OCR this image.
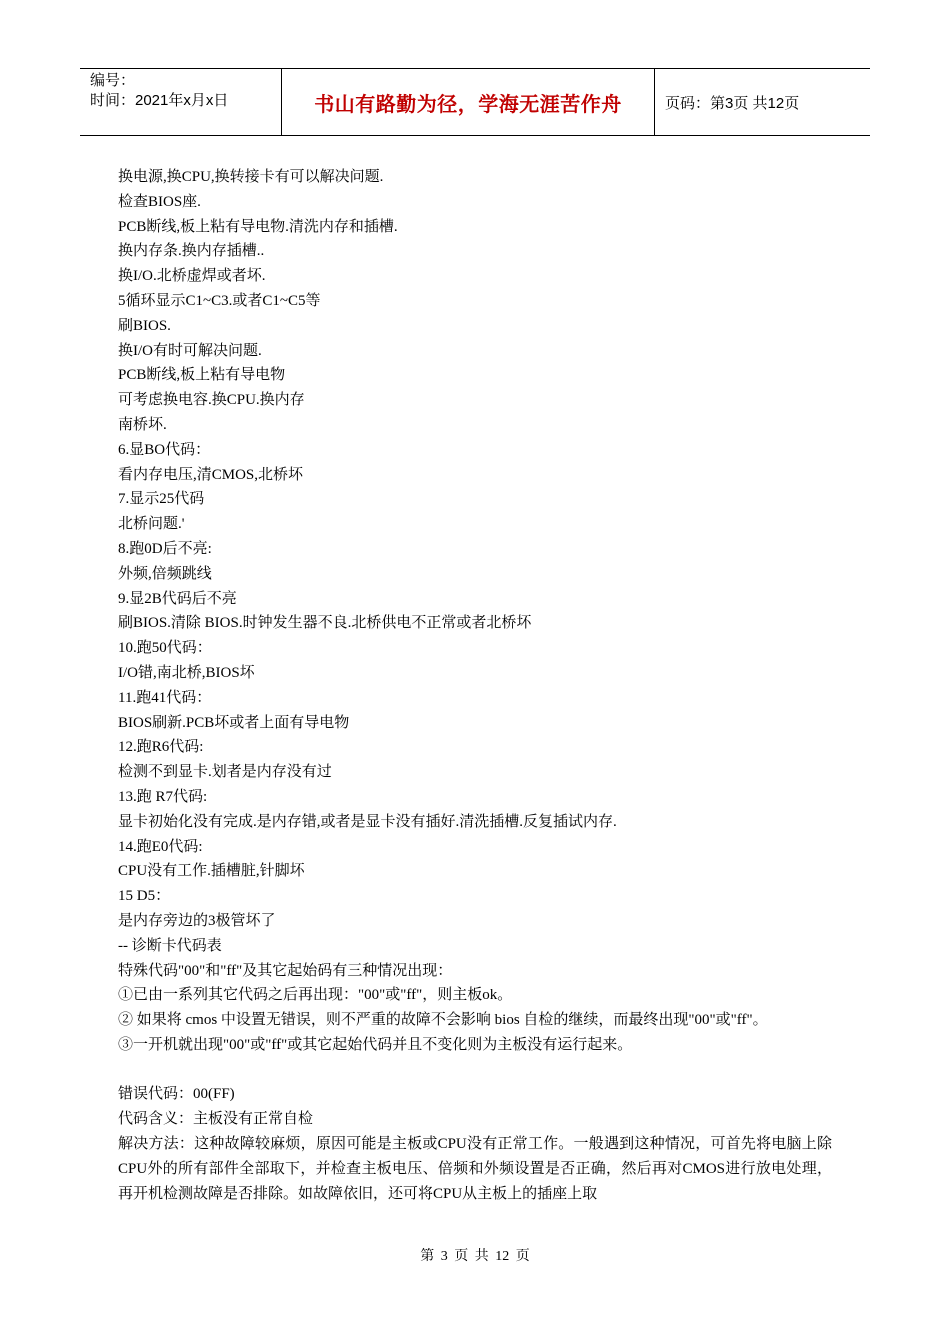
编号：
时间：2021年x月x日	书山有路勤为径，学海无涯苦作舟	页码：第3页 共12页
换电源,换CPU,换转接卡有可以解决问题.
检查BIOS座.
PCB断线,板上粘有导电物.清洗内存和插槽.
换内存条.换内存插槽..
换I/O.北桥虚焊或者坏.
5循环显示C1~C3.或者C1~C5等
刷BIOS.
换I/O有时可解决问题.
PCB断线,板上粘有导电物
可考虑换电容.换CPU.换内存
南桥坏.
6.显BO代码：
看内存电压,清CMOS,北桥坏
7.显示25代码
北桥问题.'
8.跑0D后不亮:
外频,倍频跳线
9.显2B代码后不亮
刷BIOS.清除 BIOS.时钟发生器不良.北桥供电不正常或者北桥坏
10.跑50代码：
I/O错,南北桥,BIOS坏
11.跑41代码：
BIOS刷新.PCB坏或者上面有导电物
12.跑R6代码:
检测不到显卡.划者是内存没有过
13.跑 R7代码:
显卡初始化没有完成.是内存错,或者是显卡没有插好.清洗插槽.反复插试内存.
14.跑E0代码:
CPU没有工作.插槽脏,针脚坏
15 D5：
是内存旁边的3极管坏了
-- 诊断卡代码表
特殊代码"00"和"ff"及其它起始码有三种情况出现：
①已由一系列其它代码之后再出现："00"或"ff"，则主板ok。
② 如果将 cmos 中设置无错误，则不严重的故障不会影响 bios 自检的继续，而最终出现"00"或"ff"。
③一开机就出现"00"或"ff"或其它起始代码并且不变化则为主板没有运行起来。
错误代码：00(FF)
代码含义：主板没有正常自检
解决方法：这种故障较麻烦，原因可能是主板或CPU没有正常工作。一般遇到这种情况，可首先将电脑上除CPU外的所有部件全部取下，并检查主板电压、倍频和外频设置是否正确，然后再对CMOS进行放电处理，再开机检测故障是否排除。如故障依旧，还可将CPU从主板上的插座上取
第 3 页 共 12 页
